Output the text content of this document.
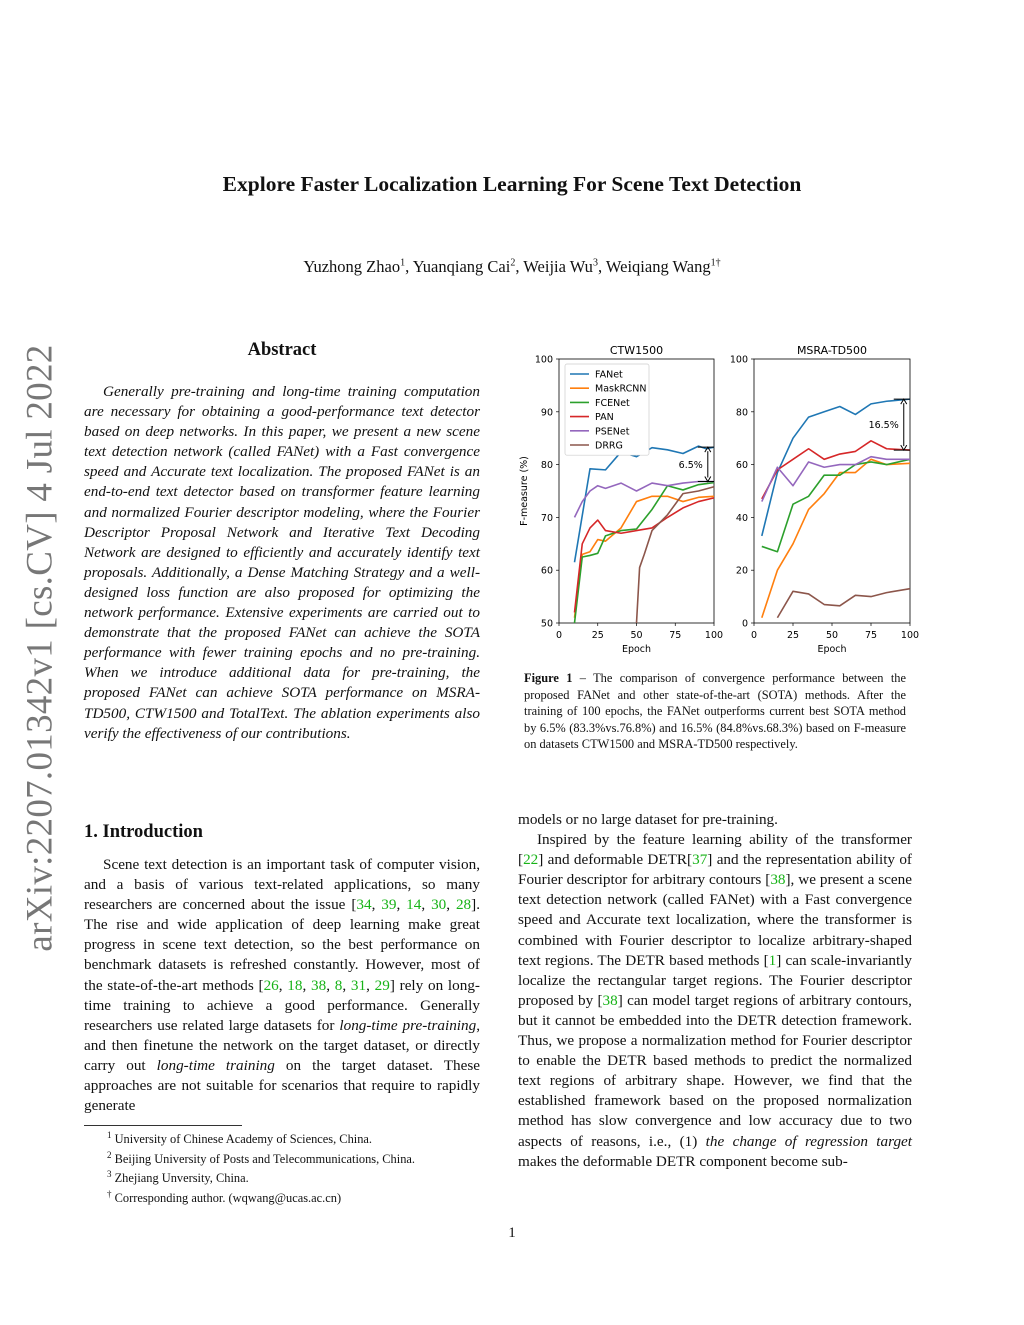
arXiv:2207.01342v1 [cs.CV] 4 Jul 2022
Explore Faster Localization Learning For Scene Text Detection
Yuzhong Zhao$^1$, Yuanqiang Cai$^2$, Weijia Wu$^3$, Weiqiang Wang$^{1\dagger}$
Abstract
Generally pre-training and long-time training computation are necessary for obtaining a good-performance text detector based on deep networks. In this paper, we present a new scene text detection network (called FANet) with a Fast convergence speed and Accurate text localization. The proposed FANet is an end-to-end text detector based on transformer feature learning and normalized Fourier descriptor modeling, where the Fourier Descriptor Proposal Network and Iterative Text Decoding Network are designed to efficiently and accurately identify text proposals. Additionally, a Dense Matching Strategy and a well-designed loss function are also proposed for optimizing the network performance. Extensive experiments are carried out to demonstrate that the proposed FANet can achieve the SOTA performance with fewer training epochs and no pre-training. When we introduce additional data for pre-training, the proposed FANet can achieve SOTA performance on MSRA-TD500, CTW1500 and TotalText. The ablation experiments also verify the effectiveness of our contributions.
1. Introduction
Scene text detection is an important task of computer vision, and a basis of various text-related applications, so many researchers are concerned about the issue [34, 39, 14, 30, 28]. The rise and wide application of deep learning make great progress in scene text detection, so the best performance on benchmark datasets is refreshed constantly. However, most of the state-of-the-art methods [26, 18, 38, 8, 31, 29] rely on long-time training to achieve a good performance. Generally researchers use related large datasets for long-time pre-training, and then finetune the network on the target dataset, or directly carry out long-time training on the target dataset. These approaches are not suitable for scenarios that require to rapidly generate
$^1$ University of Chinese Academy of Sciences, China.
$^2$ Beijing University of Posts and Telecommunications, China.
$^3$ Zhejiang Unversity, China.
† Corresponding author. (wqwang@ucas.ac.cn)
CTW1500
0	25	50	75 100
50
60
70
80
90
100
Epoch
F-measure (%)	6.5%
FANet
MaskRCNN
FCENet
PAN
PSENet
DRRG
MSRA-TD500
0	25	50	75	100
0
20
40
60
80
100
Epoch
16.5%
Figure 1 – The comparison of convergence performance between the proposed FANet and other state-of-the-art (SOTA) methods. After the training of 100 epochs, the FANet outperforms current best SOTA method by 6.5% (83.3%vs.76.8%) and 16.5% (84.8%vs.68.3%) based on F-measure on datasets CTW1500 and MSRA-TD500 respectively.

models or no large dataset for pre-training.

Inspired by the feature learning ability of the transformer [22] and deformable DETR[37] and the representation ability of Fourier descriptor for arbitrary contours [38], we present a scene text detection network (called FANet) with a Fast convergence speed and Accurate text localization, where the transformer is combined with Fourier descriptor to localize arbitrary-shaped text regions. The DETR based methods [1] can scale-invariantly localize the rectangular target regions. The Fourier descriptor proposed by [38] can model target regions of arbitrary contours, but it cannot be embedded into the DETR detection framework. Thus, we propose a normalization method for Fourier descriptor to enable the DETR based methods to predict the normalized text regions of arbitrary shape. However, we find that the established framework based on the proposed normalization method has slow convergence and low accuracy due to two aspects of reasons, i.e., (1) the change of regression target makes the deformable DETR component become sub-

1
